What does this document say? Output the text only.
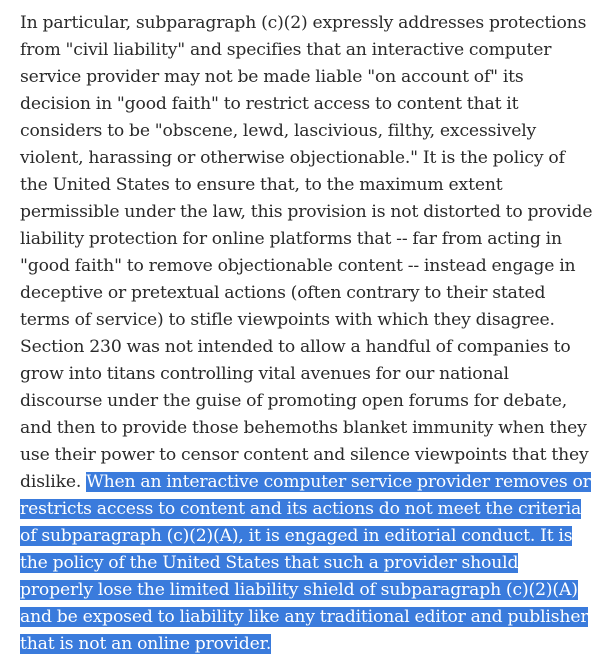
In particular, subparagraph (c)(2) expressly addresses protections from "civil liability" and specifies that an interactive computer service provider may not be made liable "on account of" its decision in "good faith" to restrict access to content that it considers to be "obscene, lewd, lascivious, filthy, excessively violent, harassing or otherwise objectionable." It is the policy of the United States to ensure that, to the maximum extent permissible under the law, this provision is not distorted to provide liability protection for online platforms that -- far from acting in "good faith" to remove objectionable content -- instead engage in deceptive or pretextual actions (often contrary to their stated terms of service) to stifle viewpoints with which they disagree. Section 230 was not intended to allow a handful of companies to grow into titans controlling vital avenues for our national discourse under the guise of promoting open forums for debate, and then to provide those behemoths blanket immunity when they use their power to censor content and silence viewpoints that they dislike. When an interactive computer service provider removes or restricts access to content and its actions do not meet the criteria of subparagraph (c)(2)(A), it is engaged in editorial conduct. It is the policy of the United States that such a provider should properly lose the limited liability shield of subparagraph (c)(2)(A) and be exposed to liability like any traditional editor and publisher that is not an online provider.
